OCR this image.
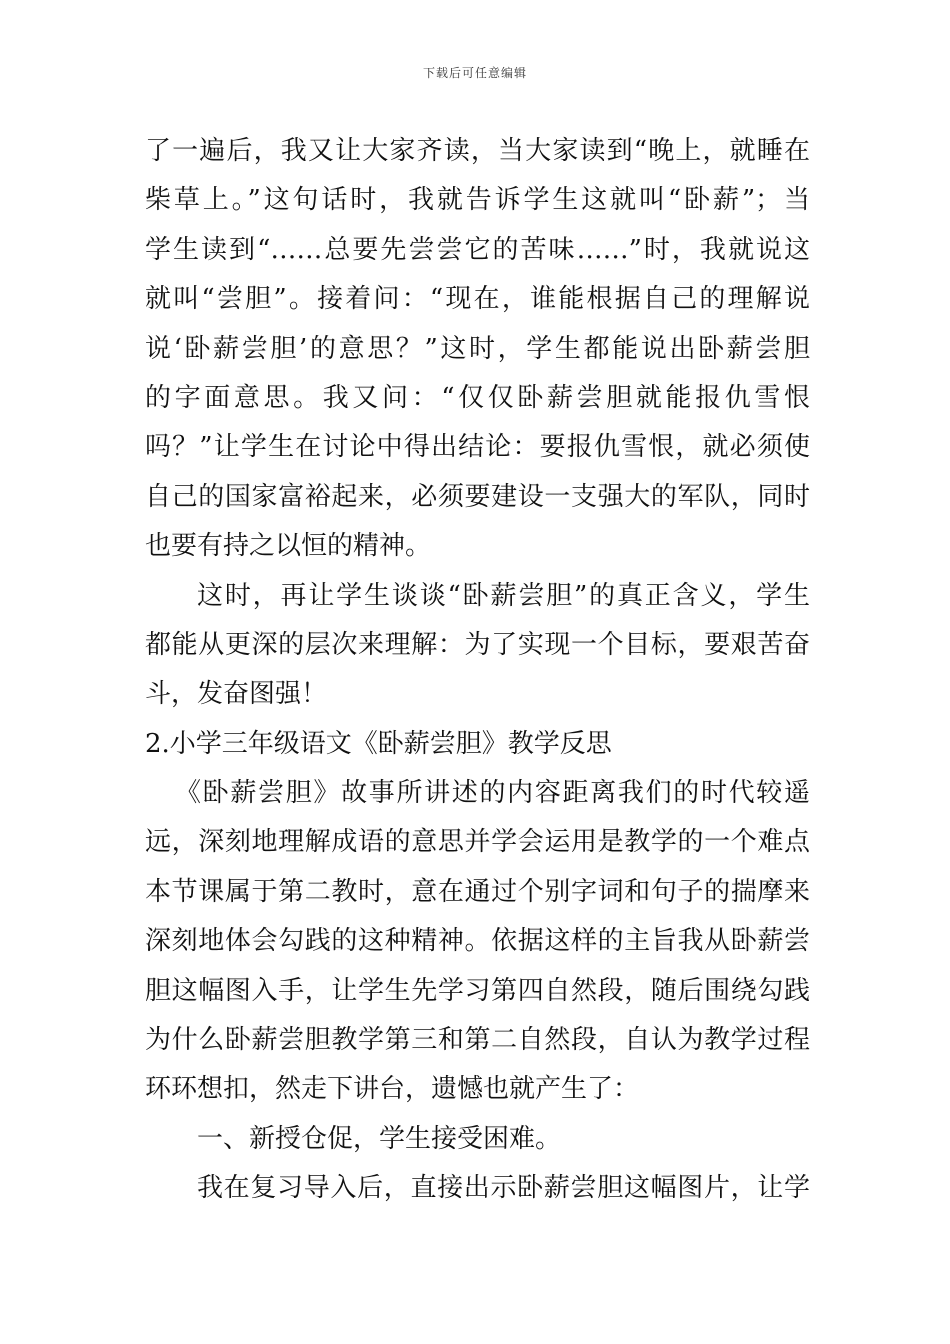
下载后可任意编辑
了一遍后，我又让大家齐读，当大家读到“晚上，就睡在
柴草上。”这句话时，我就告诉学生这就叫“卧薪”；当
学生读到“……总要先尝尝它的苦味……”时，我就说这
就叫“尝胆”。接着问：“现在，谁能根据自己的理解说
说‘卧薪尝胆’的意思？”这时，学生都能说出卧薪尝胆
的字面意思。我又问：“仅仅卧薪尝胆就能报仇雪恨
吗？”让学生在讨论中得出结论：要报仇雪恨，就必须使
自己的国家富裕起来，必须要建设一支强大的军队，同时
也要有持之以恒的精神。
这时，再让学生谈谈“卧薪尝胆”的真正含义，学生
都能从更深的层次来理解：为了实现一个目标，要艰苦奋
斗，发奋图强！
2.小学三年级语文《卧薪尝胆》教学反思
《卧薪尝胆》故事所讲述的内容距离我们的时代较遥
远，深刻地理解成语的意思并学会运用是教学的一个难点
本节课属于第二教时，意在通过个别字词和句子的揣摩来
深刻地体会勾践的这种精神。依据这样的主旨我从卧薪尝
胆这幅图入手，让学生先学习第四自然段，随后围绕勾践
为什么卧薪尝胆教学第三和第二自然段，自认为教学过程
环环想扣，然走下讲台，遗憾也就产生了：
一、新授仓促，学生接受困难。
我在复习导入后，直接出示卧薪尝胆这幅图片，让学
